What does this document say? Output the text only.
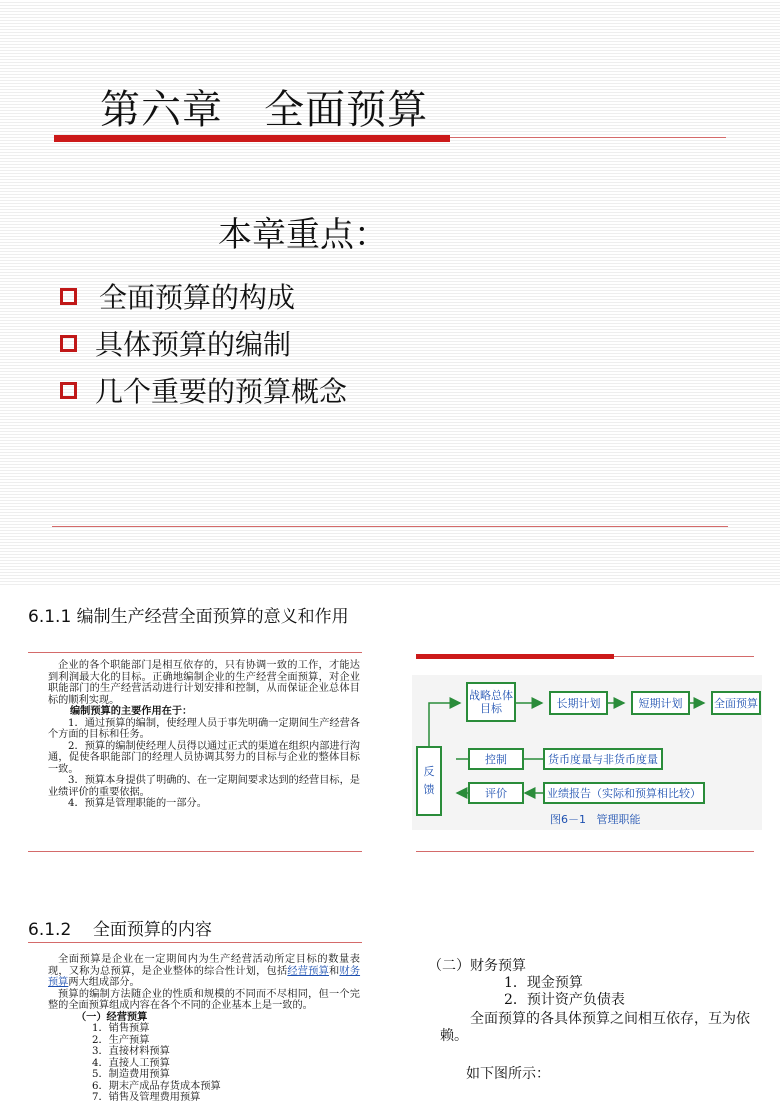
第六章   全面预算
本章重点：
全面预算的构成
具体预算的编制
几个重要的预算概念
6.1.1 编制生产经营全面预算的意义和作用
企业的各个职能部门是相互依存的，只有协调一致的工作，才能达到利润最大化的目标。正确地编制企业的生产经营全面预算，对企业职能部门的生产经营活动进行计划安排和控制，从而保证企业总体目标的顺利实现。
编制预算的主要作用在于：
1．通过预算的编制，使经理人员于事先明确一定期间生产经营各个方面的目标和任务。
2．预算的编制使经理人员得以通过正式的渠道在组织内部进行沟通，促使各职能部门的经理人员协调其努力的目标与企业的整体目标一致。
3．预算本身提供了明确的、在一定期间要求达到的经营目标，是业绩评价的重要依据。
4．预算是管理职能的一部分。
反馈
战略总体目标	长期计划	短期计划	全面预算
控制	货币度量与非货币度量
评价	业绩报告（实际和预算相比较）
图6－1   管理职能
6.1.2    全面预算的内容
全面预算是企业在一定期间内为生产经营活动所定目标的数量表现，又称为总预算，是企业整体的综合性计划，包括经营预算和财务预算两大组成部分。
预算的编制方法随企业的性质和规模的不同而不尽相同，但一个完整的全面预算组成内容在各个不同的企业基本上是一致的。
（一）经营预算
1．销售预算
2．生产预算
3．直接材料预算
4．直接人工预算
5．制造费用预算
6．期末产成品存货成本预算
7．销售及管理费用预算
（二）财务预算
1．现金预算
2．预计资产负债表
全面预算的各具体预算之间相互依存，互为依赖。
如下图所示：
